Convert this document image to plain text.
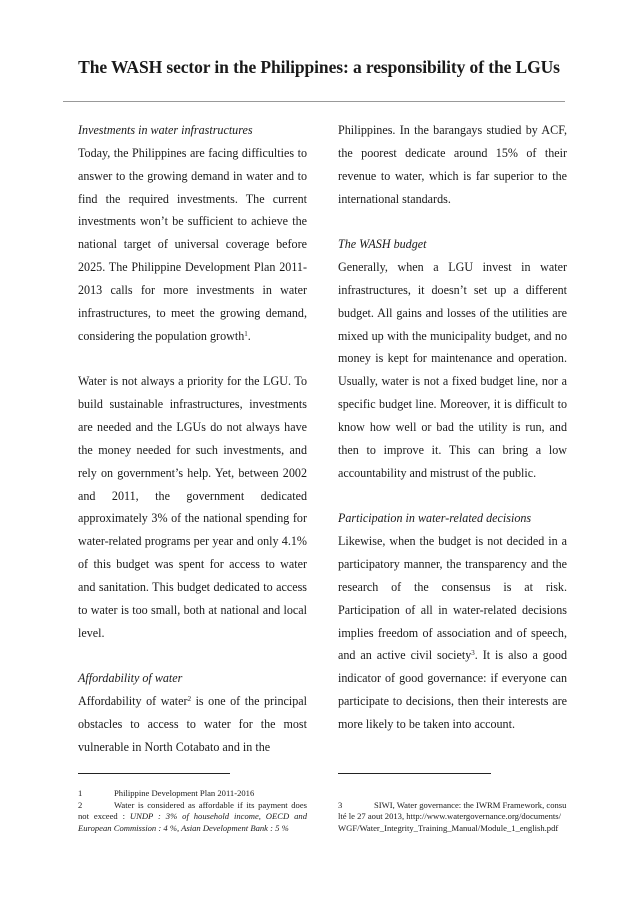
The WASH sector in the Philippines: a responsibility of the LGUs

Investments in water infrastructures

Today, the Philippines are facing difficulties to answer to the growing demand in water and to find the required investments. The current investments won’t be sufficient to achieve the national target of universal coverage before 2025. The Philippine Development Plan 2011-2013 calls for more investments in water infrastructures, to meet the growing demand, considering the population growth$^1$.

Water is not always a priority for the LGU. To build sustainable infrastructures, investments are needed and the LGUs do not always have the money needed for such investments, and rely on government’s help. Yet, between 2002 and 2011, the government dedicated approximately 3% of the national spending for water-related programs per year and only 4.1% of this budget was spent for access to water and sanitation. This budget dedicated to access to water is too small, both at national and local level.

Affordability of water

Affordability of water$^2$ is one of the principal obstacles to access to water for the most vulnerable in North Cotabato and in the

Philippines. In the barangays studied by ACF, the poorest dedicate around 15% of their revenue to water, which is far superior to the international standards.

The WASH budget

Generally, when a LGU invest in water infrastructures, it doesn’t set up a different budget. All gains and losses of the utilities are mixed up with the municipality budget, and no money is kept for maintenance and operation. Usually, water is not a fixed budget line, nor a specific budget line. Moreover, it is difficult to know how well or bad the utility is run, and then to improve it. This can bring a low accountability and mistrust of the public.

Participation in water-related decisions

Likewise, when the budget is not decided in a participatory manner, the transparency and the research of the consensus is at risk. Participation of all in water-related decisions implies freedom of association and of speech, and an active civil society$^3$. It is also a good indicator of good governance: if everyone can participate to decisions, then their interests are more likely to be taken into account.

1	Philippine Development Plan 2011-2016
2	Water is considered as affordable if its payment does not exceed : UNDP : 3% of household income, OECD and European Commission : 4 %, Asian Development Bank : 5 %
3	SIWI, Water governance: the IWRM Framework, consulté le 27 aout 2013, http://www.watergovernance.org/documents/WGF/Water_Integrity_Training_Manual/Module_1_english.pdf
